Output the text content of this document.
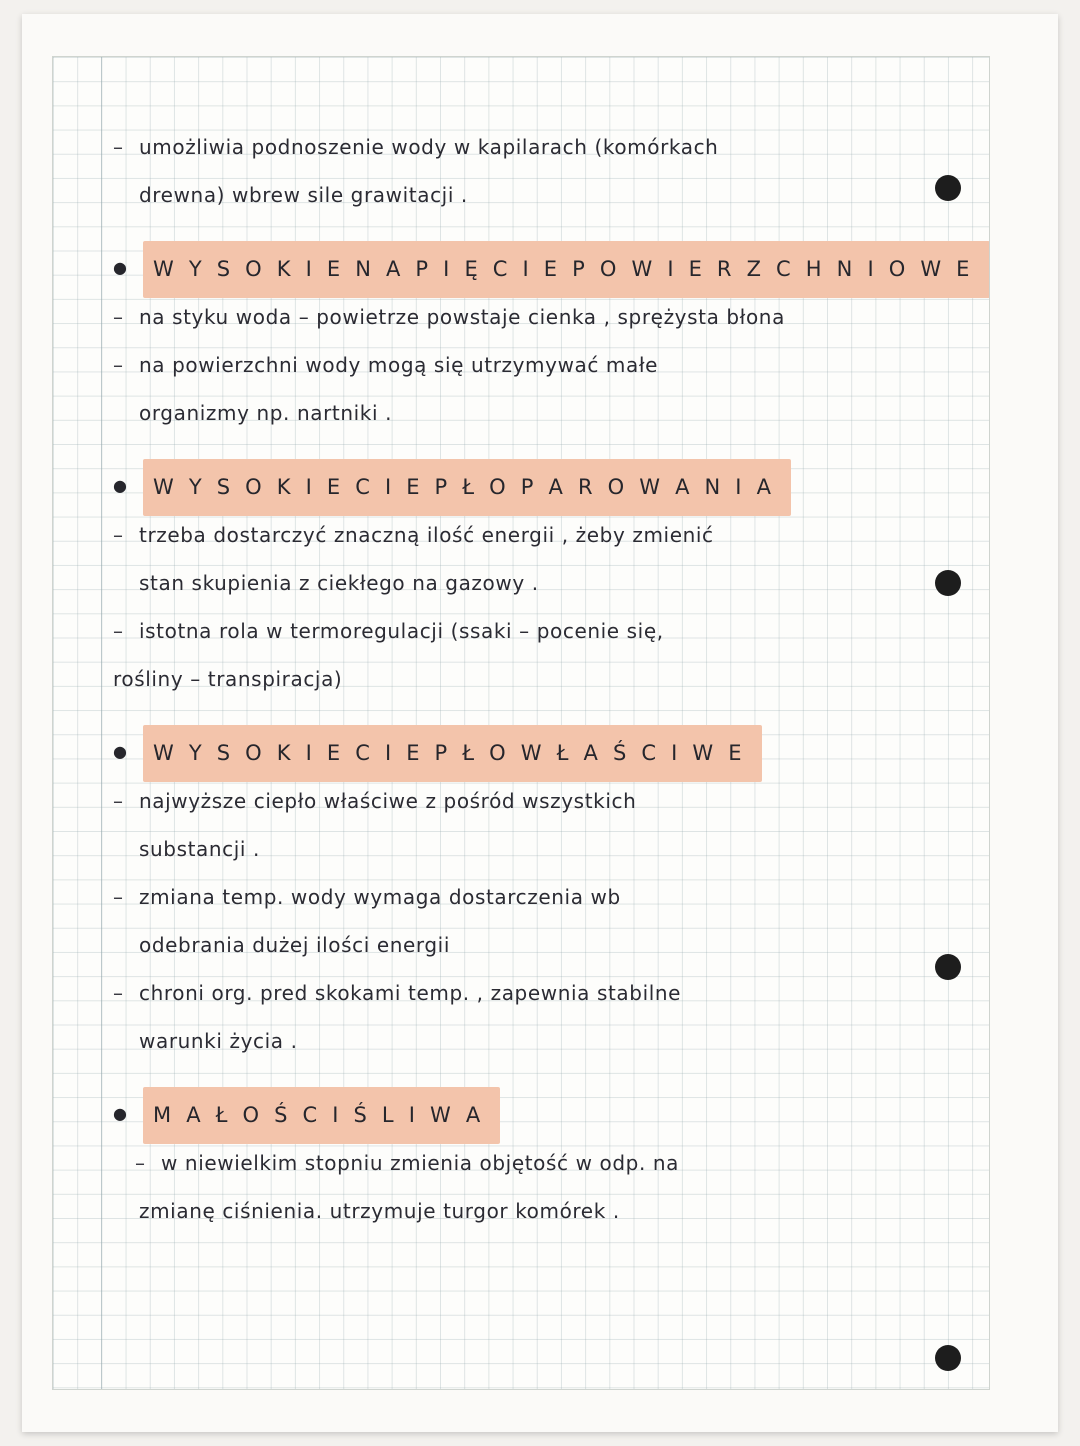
– umożliwia podnoszenie wody w kapilarach (komórkach
drewna) wbrew sile grawitacji .
● W Y S O K I E N A P I Ę C I E P O W I E R Z C H N I O W E
– na styku woda – powietrze powstaje cienka , sprężysta błona
– na powierzchni wody mogą się utrzymywać małe
organizmy np. nartniki .
● W Y S O K I E C I E P Ł O P A R O W A N I A
– trzeba dostarczyć znaczną ilość energii , żeby zmienić
stan skupienia z ciekłego na gazowy .
– istotna rola w termoregulacji (ssaki – pocenie się,
rośliny – transpiracja)
● W Y S O K I E C I E P Ł O W Ł A Ś C I W E
– najwyższe ciepło właściwe z pośród wszystkich
substancji .
– zmiana temp. wody wymaga dostarczenia wb
odebrania dużej ilości energii
– chroni org. pred skokami temp. , zapewnia stabilne
warunki życia .
● M A Ł O Ś C I Ś L I W A
– w niewielkim stopniu zmienia objętość w odp. na
zmianę ciśnienia. utrzymuje turgor komórek .
